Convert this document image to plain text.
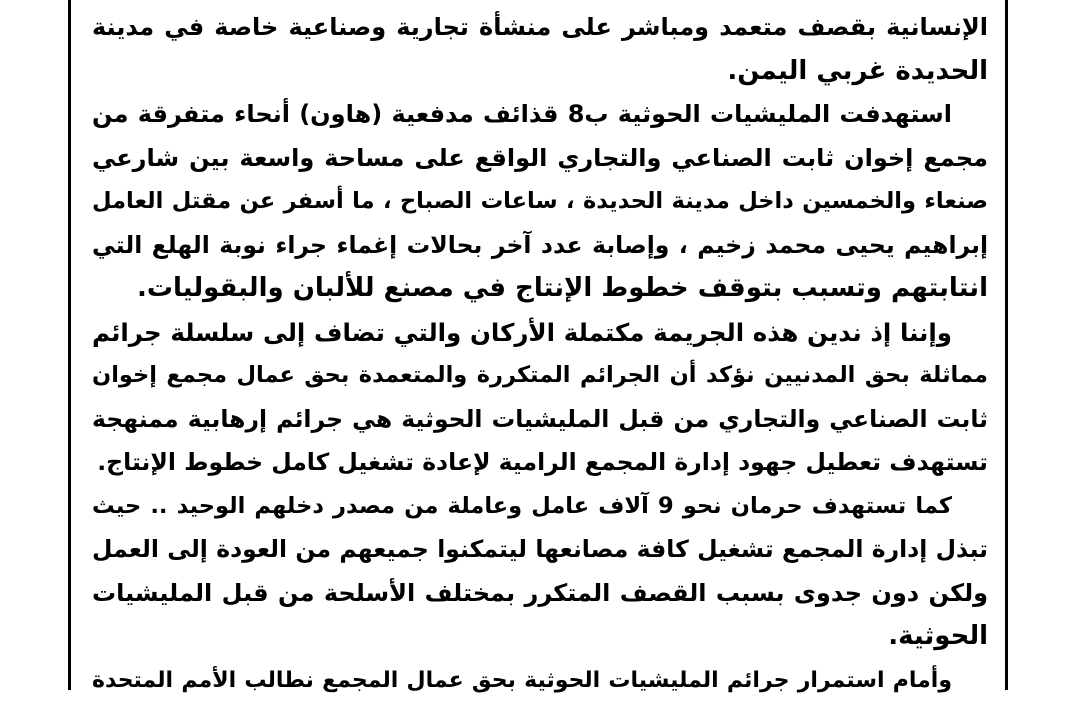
الإنسانية بقصف متعمد ومباشر على منشأة تجارية وصناعية خاصة في مدينة
الحديدة غربي اليمن.
استهدفت المليشيات الحوثية ب8 قذائف مدفعية (هاون) أنحاء متفرقة من
مجمع إخوان ثابت الصناعي والتجاري الواقع على مساحة واسعة بين شارعي
صنعاء والخمسين داخل مدينة الحديدة ، ساعات الصباح ، ما أسفر عن مقتل العامل
إبراهيم يحيى محمد زخيم ، وإصابة عدد آخر بحالات إغماء جراء نوبة الهلع التي
انتابتهم وتسبب بتوقف خطوط الإنتاج في مصنع للألبان والبقوليات.
وإننا إذ ندين هذه الجريمة مكتملة الأركان والتي تضاف إلى سلسلة جرائم
مماثلة بحق المدنيين نؤكد أن الجرائم المتكررة والمتعمدة بحق عمال مجمع إخوان
ثابت الصناعي والتجاري من قبل المليشيات الحوثية هي جرائم إرهابية ممنهجة
تستهدف تعطيل جهود إدارة المجمع الرامية لإعادة تشغيل كامل خطوط الإنتاج.
كما تستهدف حرمان نحو 9 آلاف عامل وعاملة من مصدر دخلهم الوحيد .. حيث
تبذل إدارة المجمع تشغيل كافة مصانعها ليتمكنوا جميعهم من العودة إلى العمل
ولكن دون جدوى بسبب القصف المتكرر بمختلف الأسلحة من قبل المليشيات
الحوثية.
وأمام استمرار جرائم المليشيات الحوثية بحق عمال المجمع نطالب الأمم المتحدة
